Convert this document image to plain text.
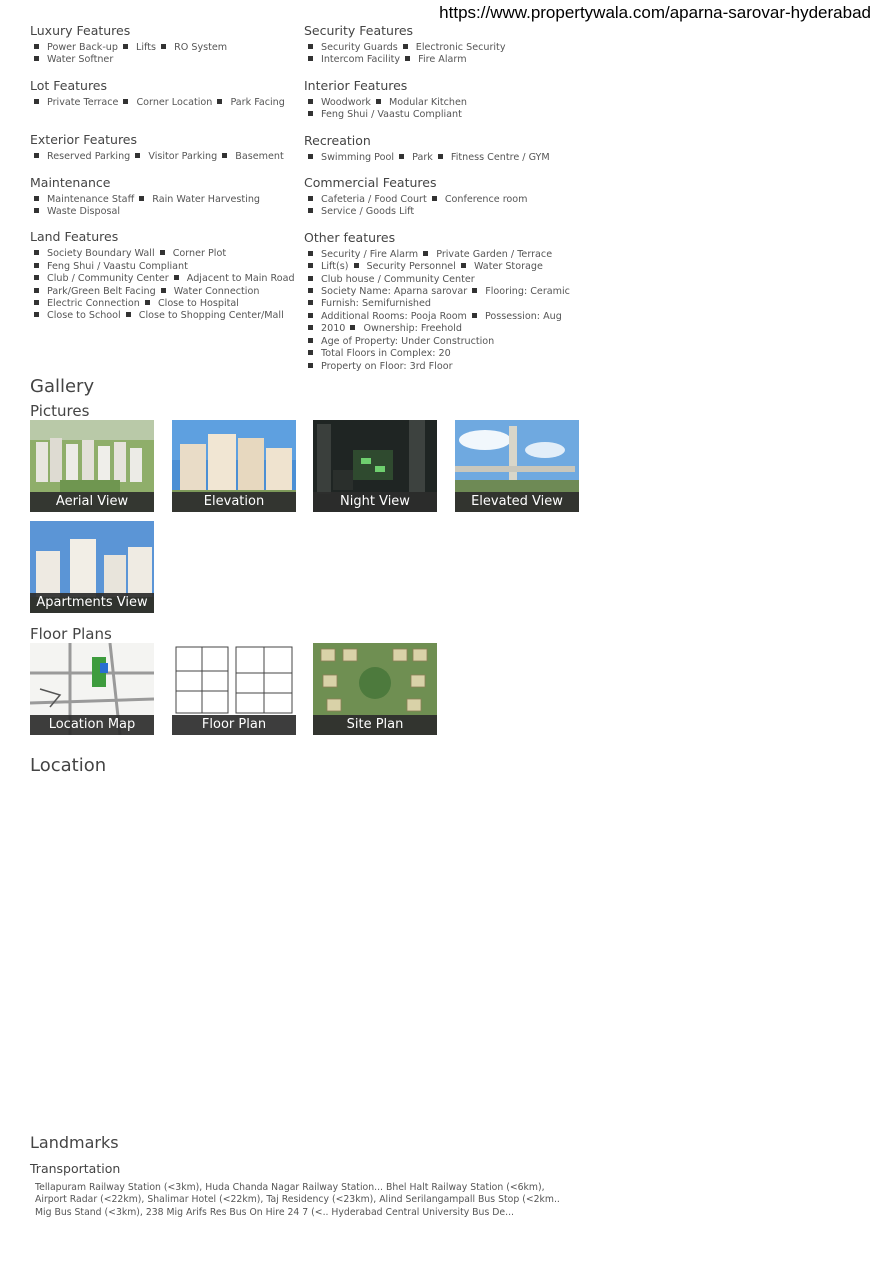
https://www.propertywala.com/aparna-sarovar-hyderabad
Luxury Features
Power Back-up Lifts RO System
Water Softner
Lot Features
Private Terrace Corner Location Park Facing
Exterior Features
Reserved Parking Visitor Parking Basement
Maintenance
Maintenance Staff Rain Water Harvesting
Waste Disposal
Land Features
Society Boundary Wall Corner Plot
Feng Shui / Vaastu Compliant
Club / Community Center Adjacent to Main Road
Park/Green Belt Facing Water Connection
Electric Connection Close to Hospital
Close to School Close to Shopping Center/Mall
Security Features
Security Guards Electronic Security
Intercom Facility Fire Alarm
Interior Features
Woodwork Modular Kitchen
Feng Shui / Vaastu Compliant
Recreation
Swimming Pool Park Fitness Centre / GYM
Commercial Features
Cafeteria / Food Court Conference room
Service / Goods Lift
Other features
Security / Fire Alarm Private Garden / Terrace
Lift(s) Security Personnel Water Storage
Club house / Community Center
Society Name: Aparna sarovar Flooring: Ceramic
Furnish: Semifurnished
Additional Rooms: Pooja Room Possession: Aug
2010 Ownership: Freehold
Age of Property: Under Construction
Total Floors in Complex: 20
Property on Floor: 3rd Floor
Gallery
Pictures
Aerial View	Elevation	Night View	Elevated View
Apartments View
Floor Plans
Location Map	Floor Plan	Site Plan
Location
Landmarks
Transportation
Tellapuram Railway Station (<3km), Huda Chanda Nagar Railway Station... Bhel Halt Railway Station (<6km), Airport Radar (<22km), Shalimar Hotel (<22km), Taj Residency (<23km), Alind Serilangampall Bus Stop (<2km.. Mig Bus Stand (<3km), 238 Mig Arifs Res Bus On Hire 24 7 (<.. Hyderabad Central University Bus De...
